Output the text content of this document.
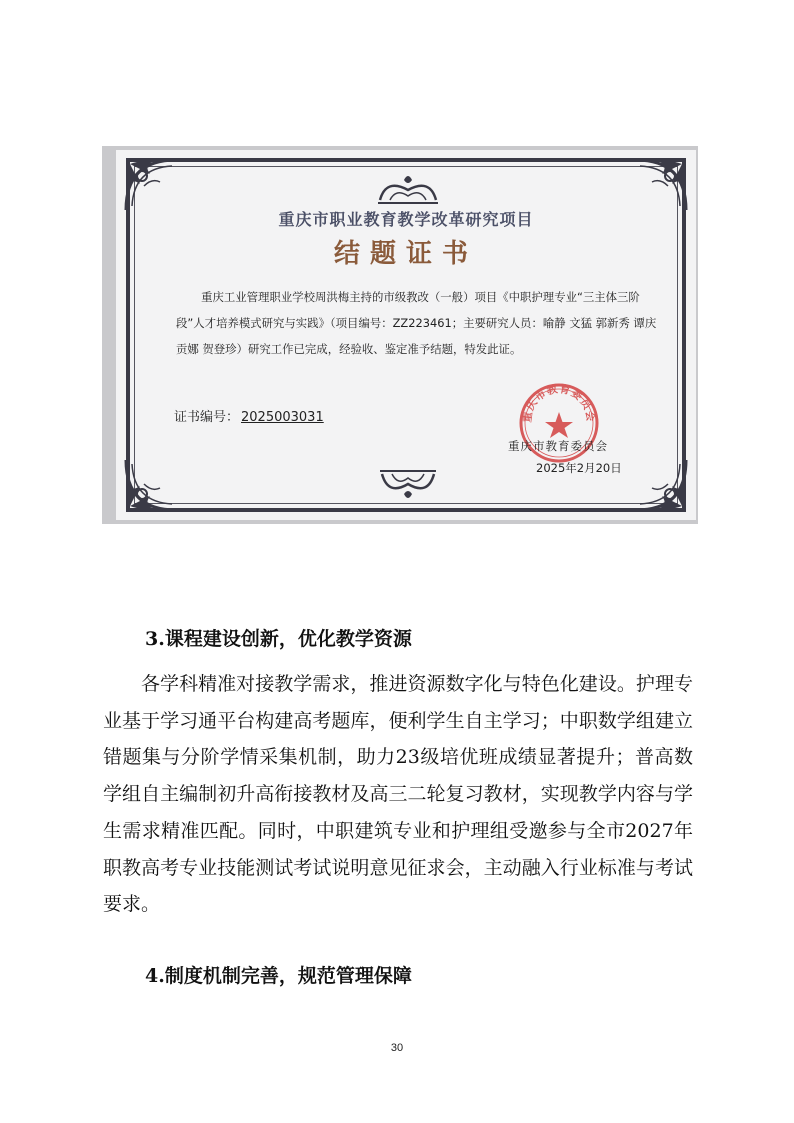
重庆市职业教育教学改革研究项目
结题证书

重庆工业管理职业学校周洪梅主持的市级教改（一般）项目《中职护理专业“三主体三阶段”人才培养模式研究与实践》（项目编号：ZZ223461；主要研究人员：喻静 文猛 郭新秀 谭庆 贡娜 贺登珍）研究工作已完成，经验收、鉴定准予结题，特发此证。

证书编号： 2025003031	重庆市教育委员会
重庆市教育委员会
2025年2月20日
3.课程建设创新，优化教学资源

各学科精准对接教学需求，推进资源数字化与特色化建设。护理专业基于学习通平台构建高考题库，便利学生自主学习；中职数学组建立错题集与分阶学情采集机制，助力23级培优班成绩显著提升；普高数学组自主编制初升高衔接教材及高三二轮复习教材，实现教学内容与学生需求精准匹配。同时，中职建筑专业和护理组受邀参与全市2027年职教高考专业技能测试考试说明意见征求会，主动融入行业标准与考试要求。

4.制度机制完善，规范管理保障
30
